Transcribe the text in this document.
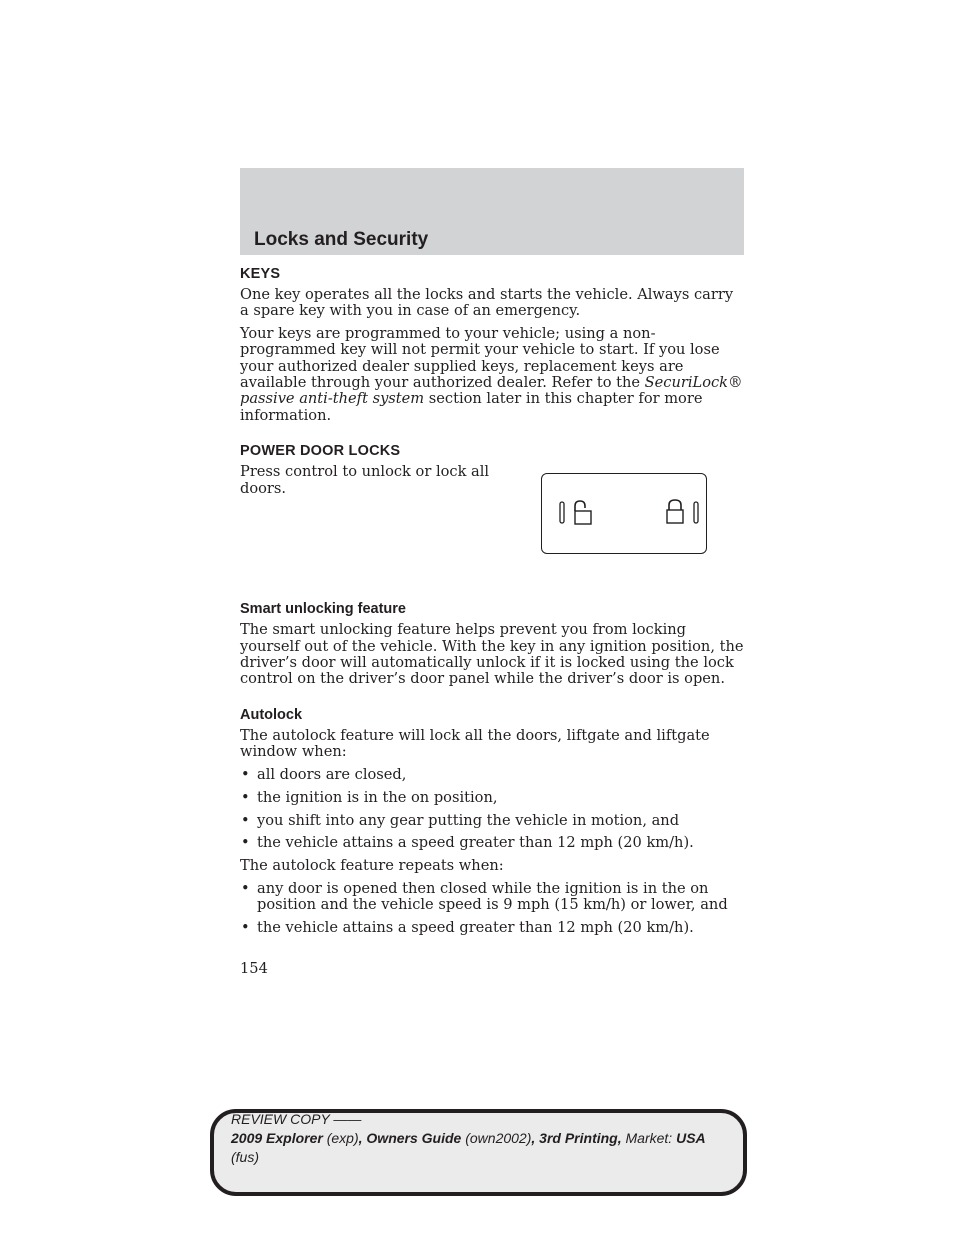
Locks and Security
KEYS

One key operates all the locks and starts the vehicle. Always carry a spare key with you in case of an emergency.

Your keys are programmed to your vehicle; using a non-programmed key will not permit your vehicle to start. If you lose your authorized dealer supplied keys, replacement keys are available through your authorized dealer. Refer to the SecuriLock® passive anti-theft system section later in this chapter for more information.

POWER DOOR LOCKS

Press control to unlock or lock all doors.

Smart unlocking feature

The smart unlocking feature helps prevent you from locking yourself out of the vehicle. With the key in any ignition position, the driver’s door will automatically unlock if it is locked using the lock control on the driver’s door panel while the driver’s door is open.

Autolock

The autolock feature will lock all the doors, liftgate and liftgate window when:

• all doors are closed,
• the ignition is in the on position,
• you shift into any gear putting the vehicle in motion, and
• the vehicle attains a speed greater than 12 mph (20 km/h).

The autolock feature repeats when:

• any door is opened then closed while the ignition is in the on position and the vehicle speed is 9 mph (15 km/h) or lower, and
• the vehicle attains a speed greater than 12 mph (20 km/h).
154
REVIEW COPY ——
2009 Explorer (exp), Owners Guide (own2002), 3rd Printing, Market: USA
(fus)
